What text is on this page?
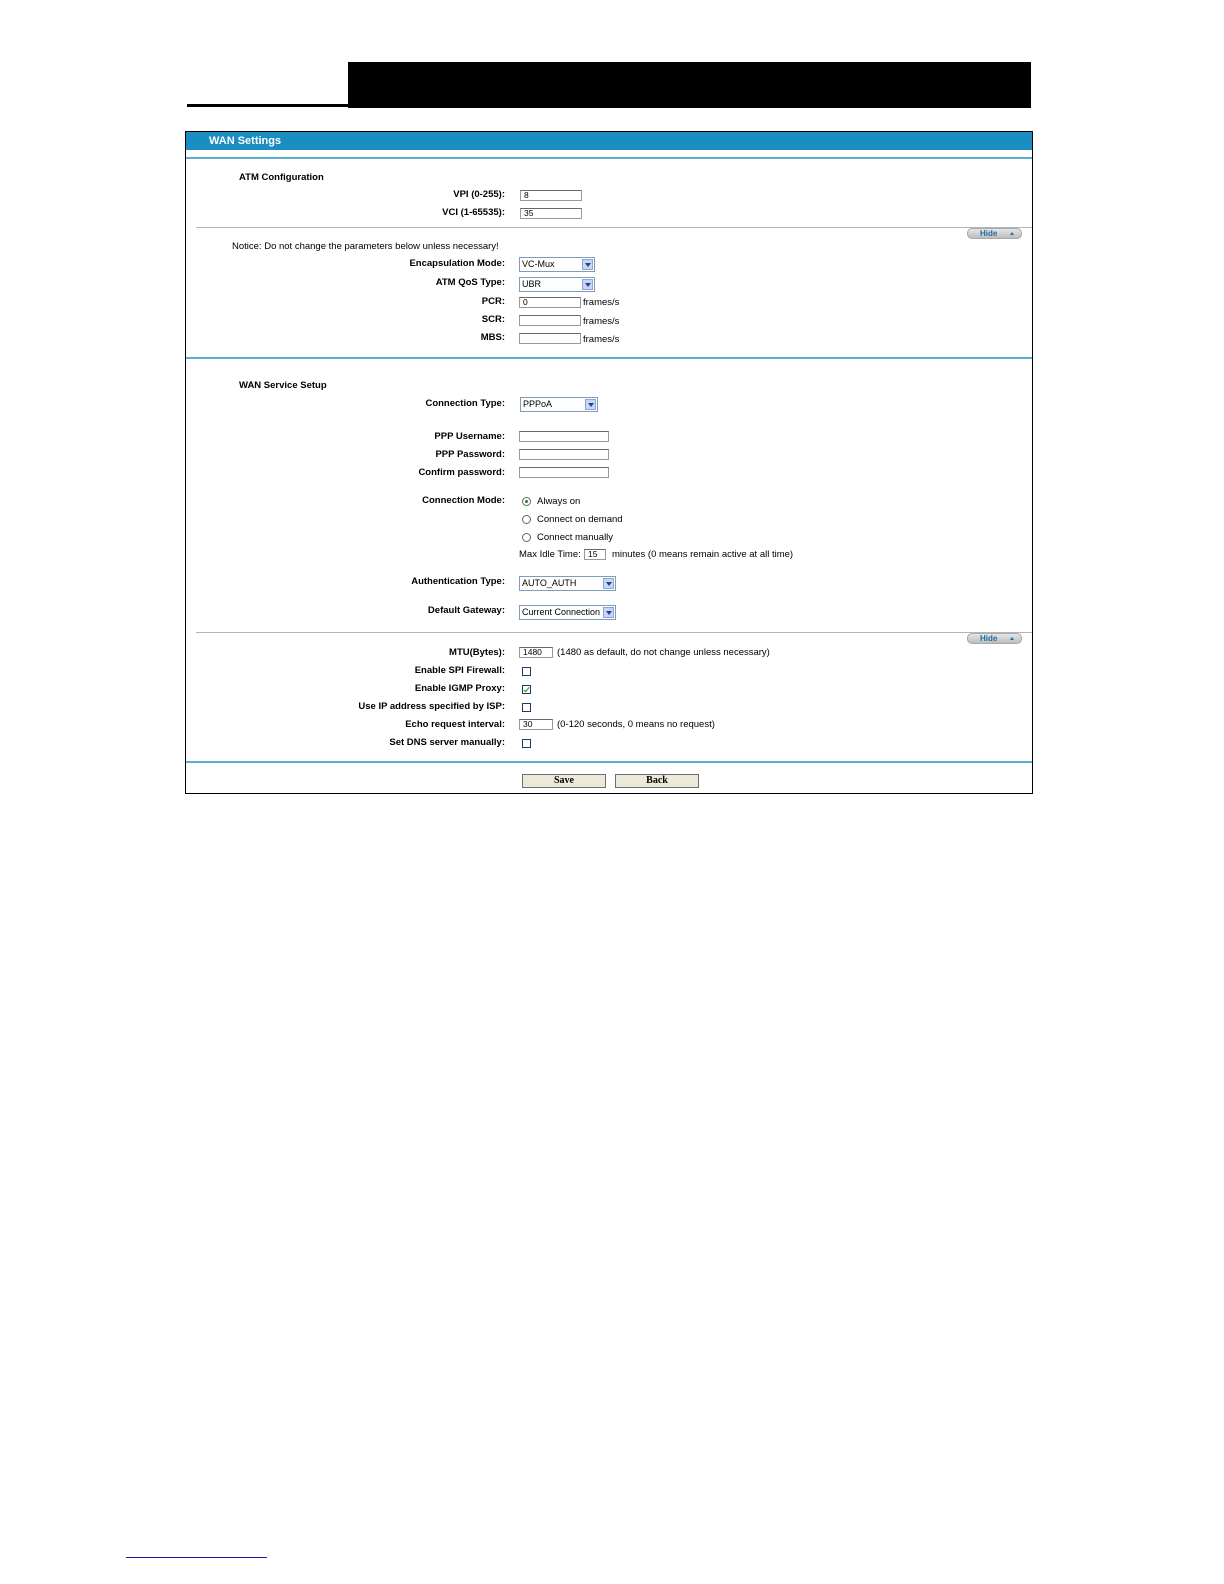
WAN Settings
ATM Configuration
VPI (0-255):
8
VCI (1-65535):
35
Hide
Notice: Do not change the parameters below unless necessary!
Encapsulation Mode:	VC-Mux
ATM QoS Type:	UBR
PCR:
0	frames/s
SCR:	frames/s
MBS:	frames/s
WAN Service Setup
Connection Type:	PPPoA
PPP Username:
PPP Password:
Confirm password:
Connection Mode:	Always on
Connect on demand
Connect manually
Max Idle Time:
15	minutes (0 means remain active at all time)
Authentication Type:	AUTO_AUTH
Default Gateway:	Current Connection
Hide
MTU(Bytes):
1480	(1480 as default, do not change unless necessary)
Enable SPI Firewall:
Enable IGMP Proxy:
Use IP address specified by ISP:
Echo request interval:
30	(0-120 seconds, 0 means no request)
Set DNS server manually:
Save	Back
